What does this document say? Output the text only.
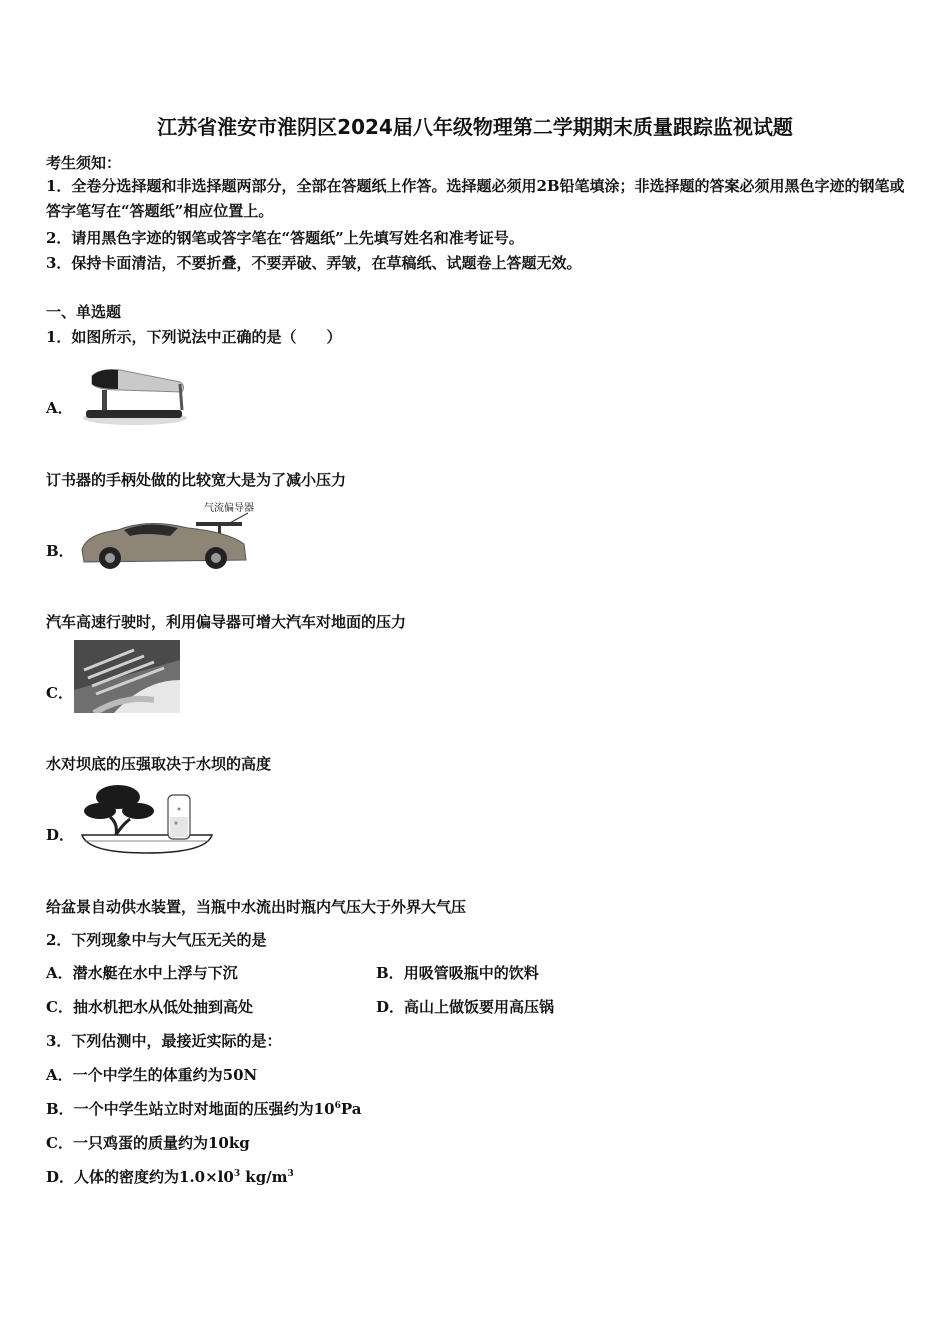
江苏省淮安市淮阴区2024届八年级物理第二学期期末质量跟踪监视试题
考生须知：
1．全卷分选择题和非选择题两部分，全部在答题纸上作答。选择题必须用2B铅笔填涂；非选择题的答案必须用黑色字迹的钢笔或答字笔写在“答题纸”相应位置上。
2．请用黑色字迹的钢笔或答字笔在“答题纸”上先填写姓名和准考证号。
3．保持卡面清洁，不要折叠，不要弄破、弄皱，在草稿纸、试题卷上答题无效。
一、单选题
1．如图所示，下列说法中正确的是（　　）
A．
订书器的手柄处做的比较宽大是为了减小压力
B．
气流偏导器
汽车高速行驶时，利用偏导器可增大汽车对地面的压力
C．
水对坝底的压强取决于水坝的高度
D．
给盆景自动供水装置，当瓶中水流出时瓶内气压大于外界大气压
2．下列现象中与大气压无关的是
A．潜水艇在水中上浮与下沉	B．用吸管吸瓶中的饮料
C．抽水机把水从低处抽到高处	D．高山上做饭要用高压锅
3．下列估测中，最接近实际的是：
A．一个中学生的体重约为50N
B．一个中学生站立时对地面的压强约为$10^6Pa$
C．一只鸡蛋的质量约为10kg
D．人体的密度约为$1.0\times l0^3$ $kg/m^3$
